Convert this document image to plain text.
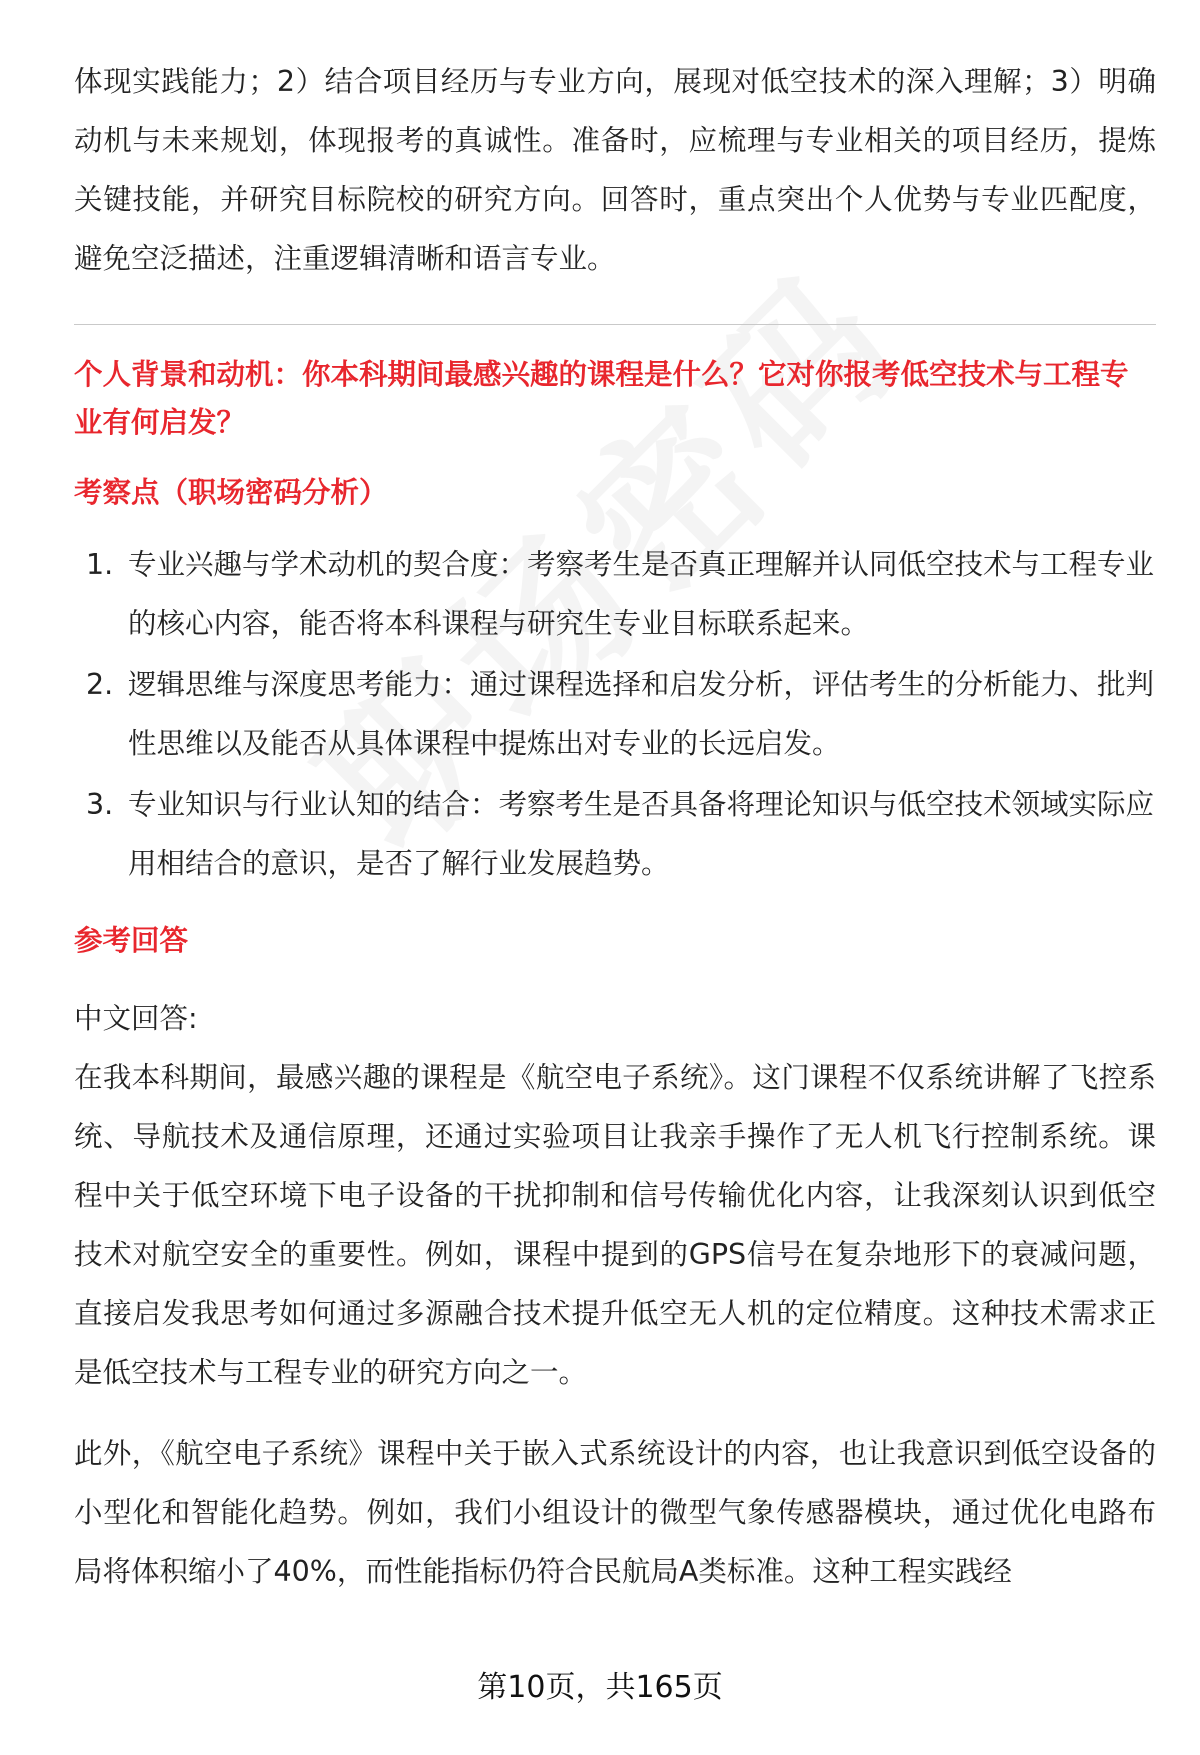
体现实践能力；2）结合项目经历与专业方向，展现对低空技术的深入理解；3）明确动机与未来规划，体现报考的真诚性。准备时，应梳理与专业相关的项目经历，提炼关键技能，并研究目标院校的研究方向。回答时，重点突出个人优势与专业匹配度，避免空泛描述，注重逻辑清晰和语言专业。

个人背景和动机：你本科期间最感兴趣的课程是什么？它对你报考低空技术与工程专业有何启发？
考察点（职场密码分析）
1. 专业兴趣与学术动机的契合度：考察考生是否真正理解并认同低空技术与工程专业的核心内容，能否将本科课程与研究生专业目标联系起来。
2. 逻辑思维与深度思考能力：通过课程选择和启发分析，评估考生的分析能力、批判性思维以及能否从具体课程中提炼出对专业的长远启发。
3. 专业知识与行业认知的结合：考察考生是否具备将理论知识与低空技术领域实际应用相结合的意识，是否了解行业发展趋势。
参考回答

中文回答:

在我本科期间，最感兴趣的课程是《航空电子系统》。这门课程不仅系统讲解了飞控系统、导航技术及通信原理，还通过实验项目让我亲手操作了无人机飞行控制系统。课程中关于低空环境下电子设备的干扰抑制和信号传输优化内容，让我深刻认识到低空技术对航空安全的重要性。例如，课程中提到的GPS信号在复杂地形下的衰减问题，直接启发我思考如何通过多源融合技术提升低空无人机的定位精度。这种技术需求正是低空技术与工程专业的研究方向之一。

此外，《航空电子系统》课程中关于嵌入式系统设计的内容，也让我意识到低空设备的小型化和智能化趋势。例如，我们小组设计的微型气象传感器模块，通过优化电路布局将体积缩小了40%，而性能指标仍符合民航局A类标准。这种工程实践经

第10页，共165页
